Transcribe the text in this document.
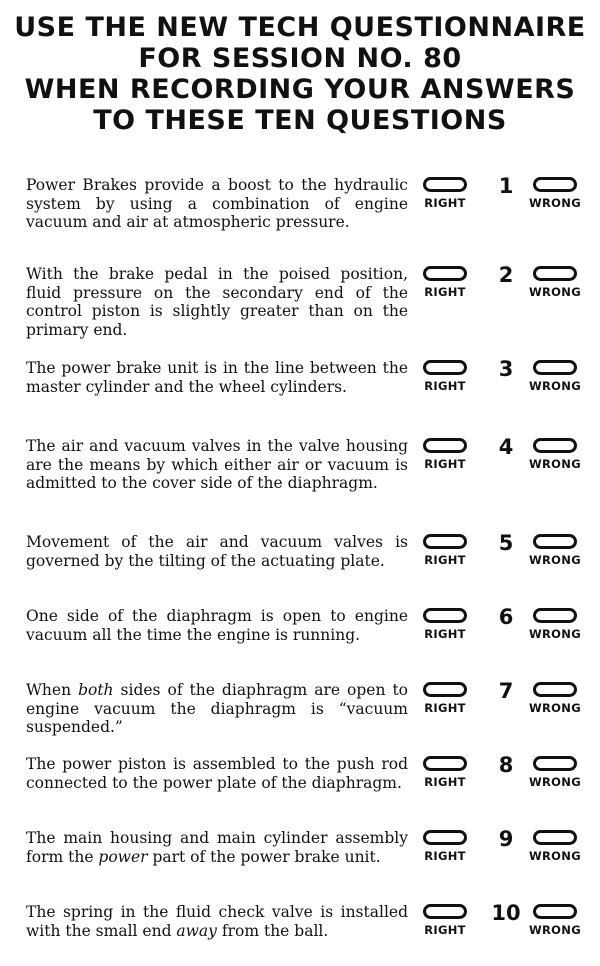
USE THE NEW TECH QUESTIONNAIRE
FOR SESSION NO. 80
WHEN RECORDING YOUR ANSWERS
TO THESE TEN QUESTIONS
Power Brakes provide a boost to the hydraulic system by using a combination of engine vacuum and air at atmospheric pressure.
RIGHT
1
WRONG
With the brake pedal in the poised position, fluid pressure on the secondary end of the control piston is slightly greater than on the primary end.
RIGHT
2
WRONG
The power brake unit is in the line between the master cylinder and the wheel cylinders.	RIGHT
3
WRONG
The air and vacuum valves in the valve housing are the means by which either air or vacuum is admitted to the cover side of the diaphragm.
RIGHT
4
WRONG
Movement of the air and vacuum valves is governed by the tilting of the actuating plate.	RIGHT
5
WRONG
One side of the diaphragm is open to engine vacuum all the time the engine is running.	RIGHT
6
WRONG
When both sides of the diaphragm are open to engine vacuum the diaphragm is “vacuum suspended.”
RIGHT
7
WRONG
The power piston is assembled to the push rod connected to the power plate of the diaphragm.	RIGHT
8
WRONG
The main housing and main cylinder assembly form the power part of the power brake unit.	RIGHT
9
WRONG
The spring in the fluid check valve is installed with the small end away from the ball.	RIGHT
10
WRONG
